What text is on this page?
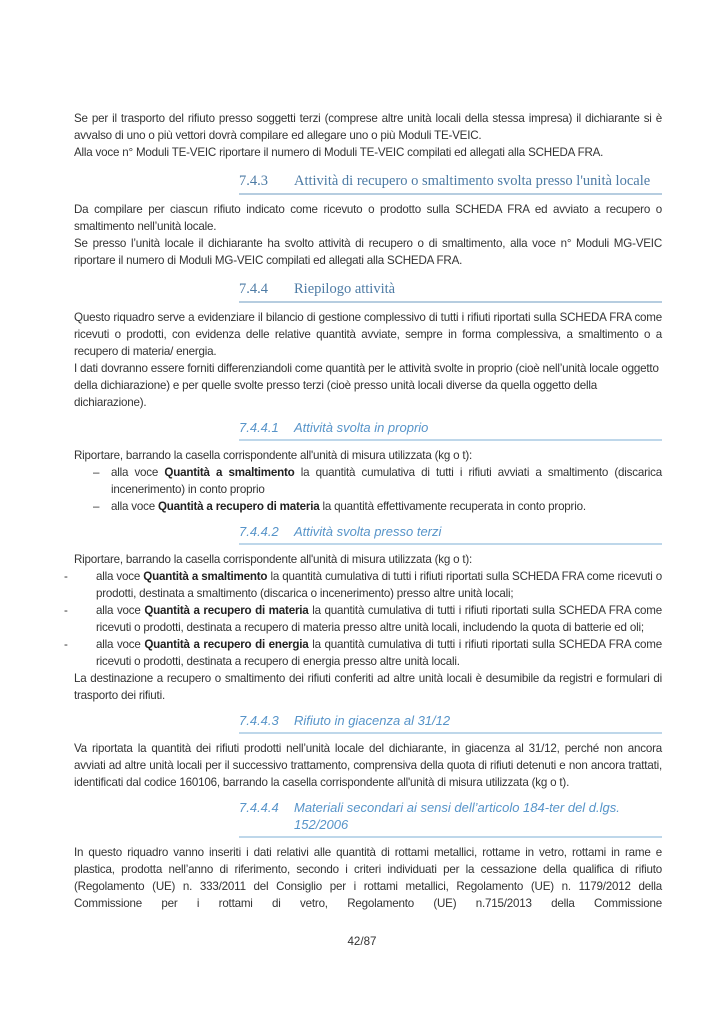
Se per il trasporto del rifiuto presso soggetti terzi (comprese altre unità locali della stessa impresa) il dichiarante si è avvalso di uno o più vettori dovrà compilare ed allegare uno o più Moduli TE-VEIC.

Alla voce n° Moduli TE-VEIC riportare il numero di Moduli TE-VEIC compilati ed allegati alla SCHEDA FRA.

7.4.3	Attività di recupero o smaltimento svolta presso l'unità locale

Da compilare per ciascun rifiuto indicato come ricevuto o prodotto sulla SCHEDA FRA ed avviato a recupero o smaltimento nell’unità locale.

Se presso l’unità locale il dichiarante ha svolto attività di recupero o di smaltimento, alla voce n° Moduli MG-VEIC riportare il numero di Moduli MG-VEIC compilati ed allegati alla SCHEDA FRA.

7.4.4	Riepilogo attività

Questo riquadro serve a evidenziare il bilancio di gestione complessivo di tutti i rifiuti riportati sulla SCHEDA FRA come ricevuti o prodotti, con evidenza delle relative quantità avviate, sempre in forma complessiva, a smaltimento o a recupero di materia/ energia.

I dati dovranno essere forniti differenziandoli come quantità per le attività svolte in proprio (cioè nell’unità locale oggetto della dichiarazione) e per quelle svolte presso terzi (cioè presso unità locali diverse da quella oggetto della dichiarazione).

7.4.4.1	Attività svolta in proprio

Riportare, barrando la casella corrispondente all'unità di misura utilizzata (kg o t):

– alla voce Quantità a smaltimento la quantità cumulativa di tutti i rifiuti avviati a smaltimento (discarica incenerimento) in conto proprio
– alla voce Quantità a recupero di materia la quantità effettivamente recuperata in conto proprio.
7.4.4.2	Attività svolta presso terzi

Riportare, barrando la casella corrispondente all'unità di misura utilizzata (kg o t):

- alla voce Quantità a smaltimento la quantità cumulativa di tutti i rifiuti riportati sulla SCHEDA FRA come ricevuti o prodotti, destinata a smaltimento (discarica o incenerimento) presso altre unità locali;
- alla voce Quantità a recupero di materia la quantità cumulativa di tutti i rifiuti riportati sulla SCHEDA FRA come ricevuti o prodotti, destinata a recupero di materia presso altre unità locali, includendo la quota di batterie ed oli;
- alla voce Quantità a recupero di energia la quantità cumulativa di tutti i rifiuti riportati sulla SCHEDA FRA come ricevuti o prodotti, destinata a recupero di energia presso altre unità locali.

La destinazione a recupero o smaltimento dei rifiuti conferiti ad altre unità locali è desumibile da registri e formulari di trasporto dei rifiuti.

7.4.4.3	Rifiuto in giacenza al 31/12

Va riportata la quantità dei rifiuti prodotti nell’unità locale del dichiarante, in giacenza al 31/12, perché non ancora avviati ad altre unità locali per il successivo trattamento, comprensiva della quota di rifiuti detenuti e non ancora trattati, identificati dal codice 160106, barrando la casella corrispondente all'unità di misura utilizzata (kg o t).

7.4.4.4	Materiali secondari ai sensi dell’articolo 184-ter del d.lgs. 152/2006

In questo riquadro vanno inseriti i dati relativi alle quantità di rottami metallici, rottame in vetro, rottami in rame e plastica, prodotta nell’anno di riferimento, secondo i criteri individuati per la cessazione della qualifica di rifiuto (Regolamento (UE) n. 333/2011 del Consiglio per i rottami metallici, Regolamento (UE) n. 1179/2012 della Commissione per i rottami di vetro, Regolamento (UE) n.715/2013 della Commissione

42/87
